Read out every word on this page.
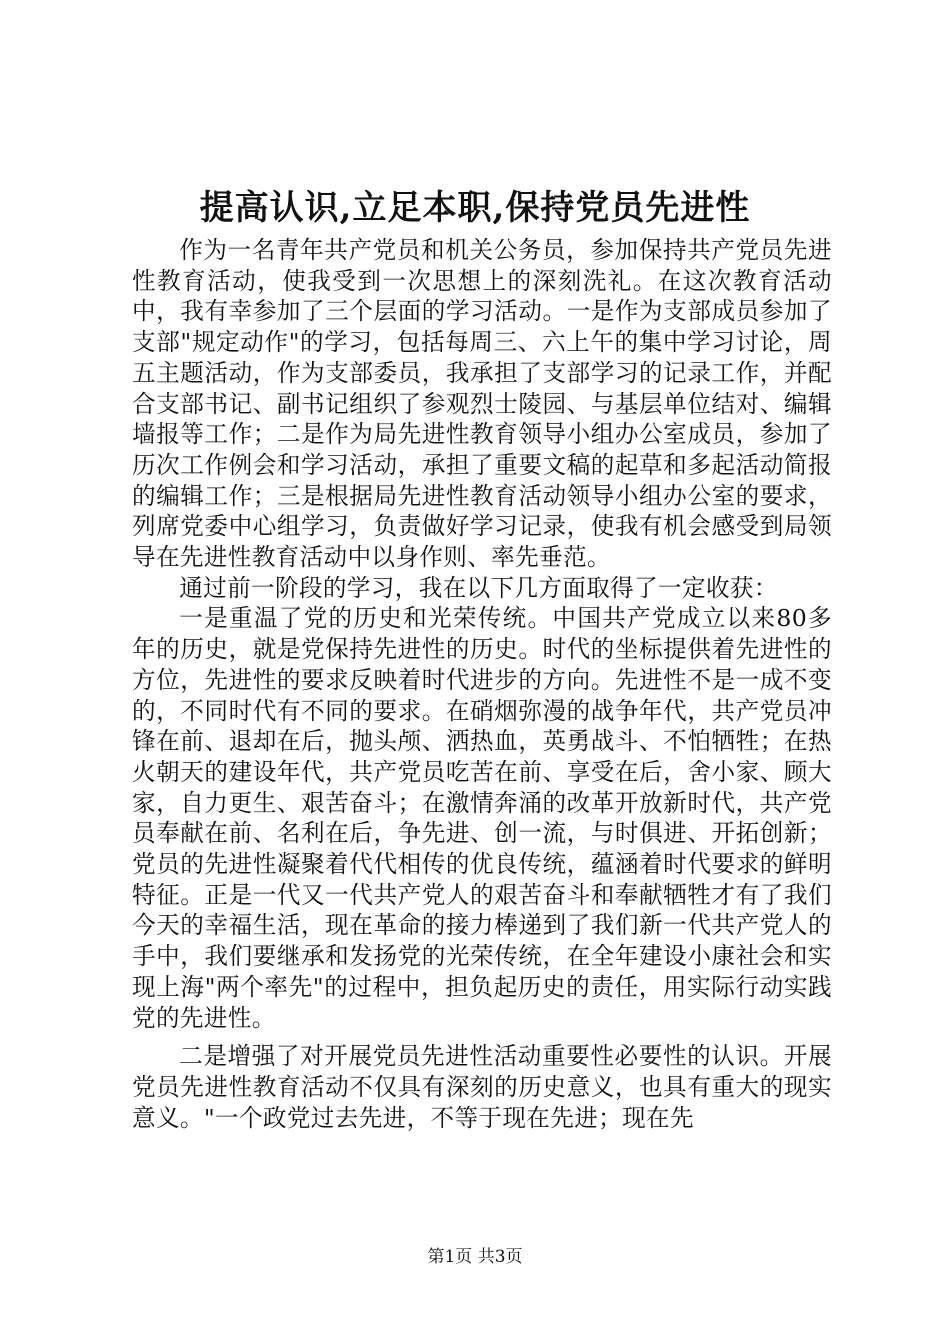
提高认识,立足本职,保持党员先进性

作为一名青年共产党员和机关公务员，参加保持共产党员先进性教育活动，使我受到一次思想上的深刻洗礼。在这次教育活动中，我有幸参加了三个层面的学习活动。一是作为支部成员参加了支部"规定动作"的学习，包括每周三、六上午的集中学习讨论，周五主题活动，作为支部委员，我承担了支部学习的记录工作，并配合支部书记、副书记组织了参观烈士陵园、与基层单位结对、编辑墙报等工作；二是作为局先进性教育领导小组办公室成员，参加了历次工作例会和学习活动，承担了重要文稿的起草和多起活动简报的编辑工作；三是根据局先进性教育活动领导小组办公室的要求，列席党委中心组学习，负责做好学习记录，使我有机会感受到局领导在先进性教育活动中以身作则、率先垂范。

通过前一阶段的学习，我在以下几方面取得了一定收获：

一是重温了党的历史和光荣传统。中国共产党成立以来80多年的历史，就是党保持先进性的历史。时代的坐标提供着先进性的方位，先进性的要求反映着时代进步的方向。先进性不是一成不变的，不同时代有不同的要求。在硝烟弥漫的战争年代，共产党员冲锋在前、退却在后，抛头颅、洒热血，英勇战斗、不怕牺牲；在热火朝天的建设年代，共产党员吃苦在前、享受在后，舍小家、顾大家，自力更生、艰苦奋斗；在激情奔涌的改革开放新时代，共产党员奉献在前、名利在后，争先进、创一流，与时俱进、开拓创新；党员的先进性凝聚着代代相传的优良传统，蕴涵着时代要求的鲜明特征。正是一代又一代共产党人的艰苦奋斗和奉献牺牲才有了我们今天的幸福生活，现在革命的接力棒递到了我们新一代共产党人的手中，我们要继承和发扬党的光荣传统，在全年建设小康社会和实现上海"两个率先"的过程中，担负起历史的责任，用实际行动实践党的先进性。

二是增强了对开展党员先进性活动重要性必要性的认识。开展党员先进性教育活动不仅具有深刻的历史意义，也具有重大的现实意义。"一个政党过去先进，不等于现在先进；现在先

第1页 共3页
